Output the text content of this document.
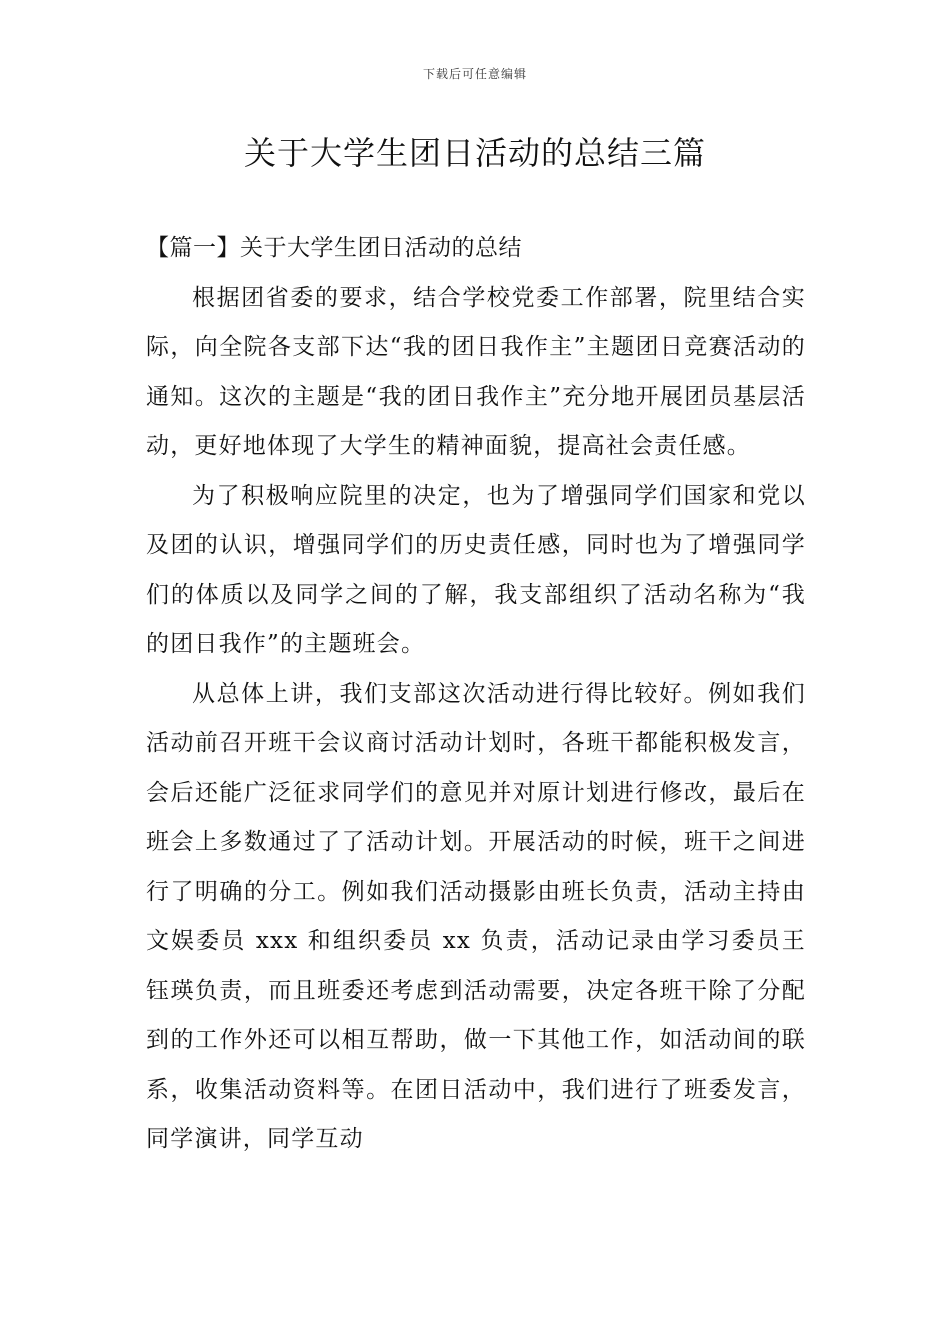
下载后可任意编辑
关于大学生团日活动的总结三篇

【篇一】关于大学生团日活动的总结

根据团省委的要求，结合学校党委工作部署，院里结合实际，向全院各支部下达“我的团日我作主”主题团日竞赛活动的通知。这次的主题是“我的团日我作主”充分地开展团员基层活动，更好地体现了大学生的精神面貌，提高社会责任感。

为了积极响应院里的决定，也为了增强同学们国家和党以及团的认识，增强同学们的历史责任感，同时也为了增强同学们的体质以及同学之间的了解，我支部组织了活动名称为“我的团日我作”的主题班会。

从总体上讲，我们支部这次活动进行得比较好。例如我们活动前召开班干会议商讨活动计划时，各班干都能积极发言，会后还能广泛征求同学们的意见并对原计划进行修改，最后在班会上多数通过了了活动计划。开展活动的时候，班干之间进行了明确的分工。例如我们活动摄影由班长负责，活动主持由文娱委员 xxx 和组织委员 xx 负责，活动记录由学习委员王钰瑛负责，而且班委还考虑到活动需要，决定各班干除了分配到的工作外还可以相互帮助，做一下其他工作，如活动间的联系，收集活动资料等。在团日活动中，我们进行了班委发言，同学演讲，同学互动
